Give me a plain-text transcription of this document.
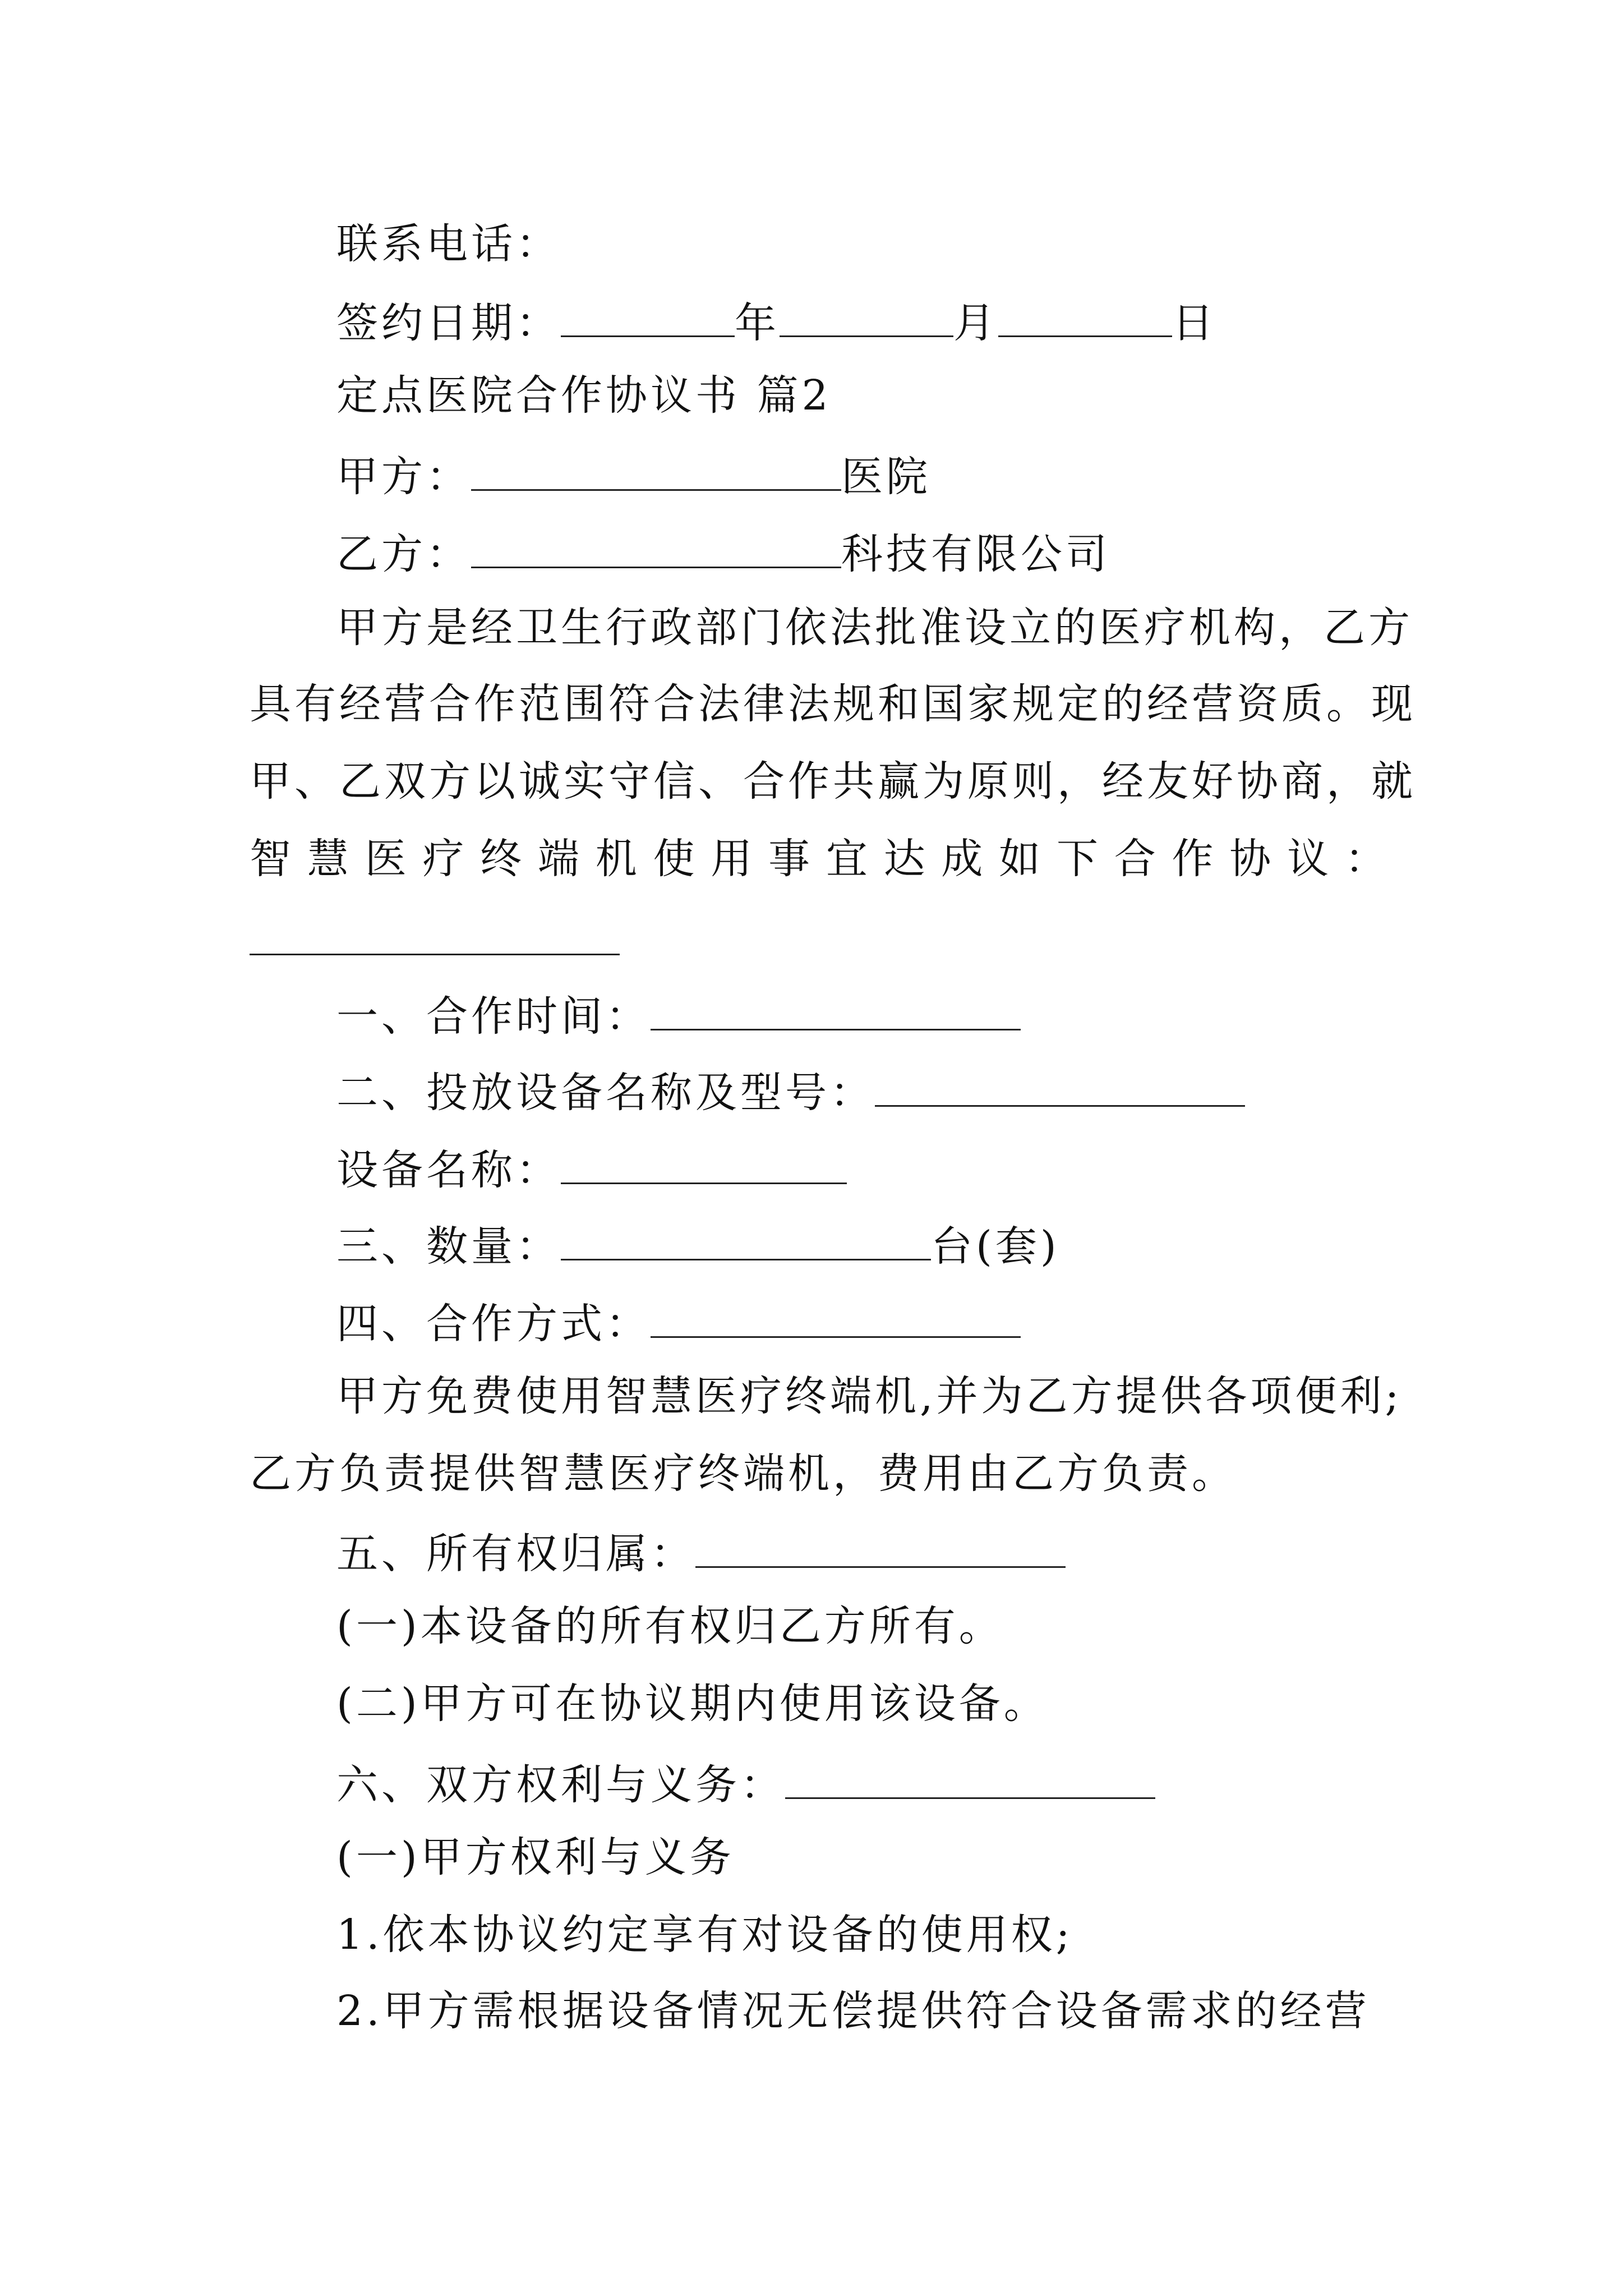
联系电话：
签约日期：	年	月	日
定点医院合作协议书 篇2
甲方：	医院
乙方：	科技有限公司
甲方是经卫生行政部门依法批准设立的医疗机构，乙方
具有经营合作范围符合法律法规和国家规定的经营资质。现
甲、乙双方以诚实守信、合作共赢为原则，经友好协商，就
智 慧 医 疗 终 端 机 使 用 事 宜 达 成 如 下 合 作 协 议 ：
一、合作时间：
二、投放设备名称及型号：
设备名称：
三、数量：	台(套)
四、合作方式：
甲方免费使用智慧医疗终端机,并为乙方提供各项便利;
乙方负责提供智慧医疗终端机，费用由乙方负责。
五、所有权归属：
(一)本设备的所有权归乙方所有。
(二)甲方可在协议期内使用该设备。
六、双方权利与义务：
(一)甲方权利与义务
1.依本协议约定享有对设备的使用权;
2.甲方需根据设备情况无偿提供符合设备需求的经营
